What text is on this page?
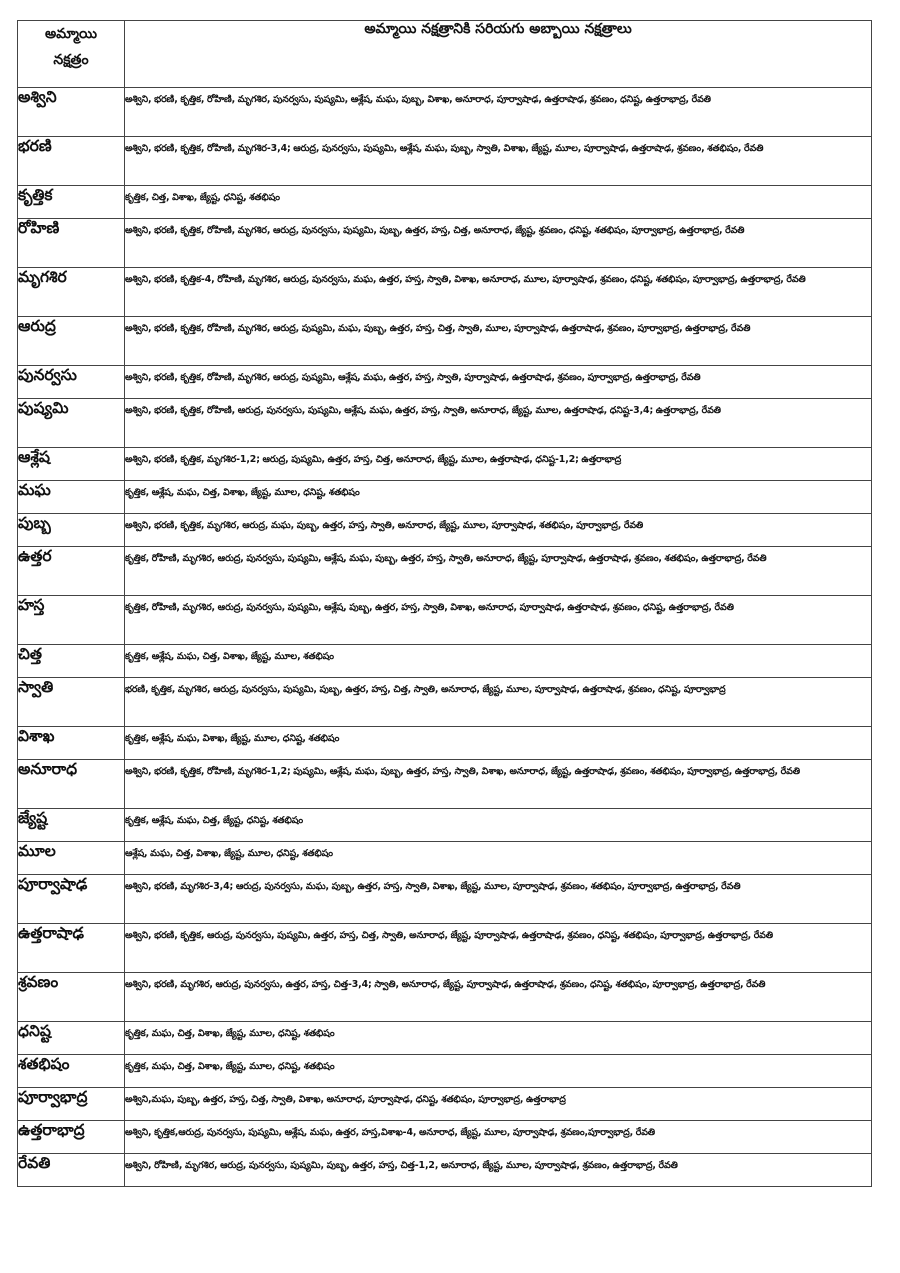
అమ్మాయి
నక్షత్రం	అమ్మాయి నక్షత్రానికి సరియగు అబ్బాయి నక్షత్రాలు
అశ్విని	అశ్విని, భరణి, కృత్తిక, రోహిణి, మృగశిర, పునర్వసు, పుష్యమి, ఆశ్లేష, మఘ, పుబ్బ, విశాఖ, అనూరాధ, పూర్వాషాఢ, ఉత్తరాషాఢ, శ్రవణం, ధనిష్ట, ఉత్తరాభాద్ర, రేవతి
భరణి	అశ్విని, భరణి, కృత్తిక, రోహిణి, మృగశిర-3,4; ఆరుద్ర, పునర్వసు, పుష్యమి, ఆశ్లేష, మఘ, పుబ్బ, స్వాతి, విశాఖ, జ్యేష్ట, మూల, పూర్వాషాఢ, ఉత్తరాషాఢ, శ్రవణం, శతభిషం, రేవతి
కృత్తిక	కృత్తిక, చిత్త, విశాఖ, జ్యేష్ట, ధనిష్ట, శతభిషం
రోహిణి	అశ్విని, భరణి, కృత్తిక, రోహిణి, మృగశిర, ఆరుద్ర, పునర్వసు, పుష్యమి, పుబ్బ, ఉత్తర, హస్త, చిత్త, అనూరాధ, జ్యేష్ట, శ్రవణం, ధనిష్ట, శతభిషం, పూర్వాభాద్ర, ఉత్తరాభాద్ర, రేవతి
మృగశిర	అశ్విని, భరణి, కృత్తిక-4, రోహిణి, మృగశిర, ఆరుద్ర, పునర్వసు, మఘ, ఉత్తర, హస్త, స్వాతి, విశాఖ, అనూరాధ, మూల, పూర్వాషాఢ, శ్రవణం, ధనిష్ట, శతభిషం, పూర్వాభాద్ర, ఉత్తరాభాద్ర, రేవతి
ఆరుద్ర	అశ్విని, భరణి, కృత్తిక, రోహిణి, మృగశిర, ఆరుద్ర, పుష్యమి, మఘ, పుబ్బ, ఉత్తర, హస్త, చిత్త, స్వాతి, మూల, పూర్వాషాఢ, ఉత్తరాషాఢ, శ్రవణం, పూర్వాభాద్ర, ఉత్తరాభాద్ర, రేవతి
పునర్వసు	అశ్విని, భరణి, కృత్తిక, రోహిణి, మృగశిర, ఆరుద్ర, పుష్యమి, ఆశ్లేష, మఘ, ఉత్తర, హస్త, స్వాతి, పూర్వాషాఢ, ఉత్తరాషాఢ, శ్రవణం, పూర్వాభాద్ర, ఉత్తరాభాద్ర, రేవతి
పుష్యమి	అశ్విని, భరణి, కృత్తిక, రోహిణి, ఆరుద్ర, పునర్వసు, పుష్యమి, ఆశ్లేష, మఘ, ఉత్తర, హస్త, స్వాతి, అనూరాధ, జ్యేష్ట, మూల, ఉత్తరాషాఢ, ధనిష్ట-3,4; ఉత్తరాభాద్ర, రేవతి
ఆశ్లేష	అశ్విని, భరణి, కృత్తిక, మృగశిర-1,2; ఆరుద్ర, పుష్యమి, ఉత్తర, హస్త, చిత్త, అనూరాధ, జ్యేష్ట, మూల, ఉత్తరాషాఢ, ధనిష్ట-1,2; ఉత్తరాభాద్ర
మఘ	కృత్తిక, ఆశ్లేష, మఘ, చిత్త, విశాఖ, జ్యేష్ట, మూల, ధనిష్ట, శతభిషం
పుబ్బ	అశ్విని, భరణి, కృత్తిక, మృగశిర, ఆరుద్ర, మఘ, పుబ్బ, ఉత్తర, హస్త, స్వాతి, అనూరాధ, జ్యేష్ట, మూల, పూర్వాషాఢ, శతభిషం, పూర్వాభాద్ర, రేవతి
ఉత్తర	కృత్తిక, రోహిణి, మృగశిర, ఆరుద్ర, పునర్వసు, పుష్యమి, ఆశ్లేష, మఘ, పుబ్బ, ఉత్తర, హస్త, స్వాతి, అనూరాధ, జ్యేష్ట, పూర్వాషాఢ, ఉత్తరాషాఢ, శ్రవణం, శతభిషం, ఉత్తరాభాద్ర, రేవతి
హస్త	కృత్తిక, రోహిణి, మృగశిర, ఆరుద్ర, పునర్వసు, పుష్యమి, ఆశ్లేష, పుబ్బ, ఉత్తర, హస్త, స్వాతి, విశాఖ, అనూరాధ, పూర్వాషాఢ, ఉత్తరాషాఢ, శ్రవణం, ధనిష్ట, ఉత్తరాభాద్ర, రేవతి
చిత్త	కృత్తిక, ఆశ్లేష, మఘ, చిత్త, విశాఖ, జ్యేష్ట, మూల, శతభిషం
స్వాతి	భరణి, కృత్తిక, మృగశిర, ఆరుద్ర, పునర్వసు, పుష్యమి, పుబ్బ, ఉత్తర, హస్త, చిత్త, స్వాతి, అనూరాధ, జ్యేష్ట, మూల, పూర్వాషాఢ, ఉత్తరాషాఢ, శ్రవణం, ధనిష్ట, పూర్వాభాద్ర
విశాఖ	కృత్తిక, ఆశ్లేష, మఘ, విశాఖ, జ్యేష్ట, మూల, ధనిష్ట, శతభిషం
అనూరాధ	అశ్విని, భరణి, కృత్తిక, రోహిణి, మృగశిర-1,2; పుష్యమి, ఆశ్లేష, మఘ, పుబ్బ, ఉత్తర, హస్త, స్వాతి, విశాఖ, అనూరాధ, జ్యేష్ట, ఉత్తరాషాఢ, శ్రవణం, శతభిషం, పూర్వాభాద్ర, ఉత్తరాభాద్ర, రేవతి
జ్యేష్ట	కృత్తిక, ఆశ్లేష, మఘ, చిత్త, జ్యేష్ట, ధనిష్ట, శతభిషం
మూల	ఆశ్లేష, మఘ, చిత్త, విశాఖ, జ్యేష్ట, మూల, ధనిష్ట, శతభిషం
పూర్వాషాఢ	అశ్విని, భరణి, మృగశిర-3,4; ఆరుద్ర, పునర్వసు, మఘ, పుబ్బ, ఉత్తర, హస్త, స్వాతి, విశాఖ, జ్యేష్ట, మూల, పూర్వాషాఢ, శ్రవణం, శతభిషం, పూర్వాభాద్ర, ఉత్తరాభాద్ర, రేవతి
ఉత్తరాషాఢ	అశ్విని, భరణి, కృత్తిక, ఆరుద్ర, పునర్వసు, పుష్యమి, ఉత్తర, హస్త, చిత్త, స్వాతి, అనూరాధ, జ్యేష్ట, పూర్వాషాఢ, ఉత్తరాషాఢ, శ్రవణం, ధనిష్ట, శతభిషం, పూర్వాభాద్ర, ఉత్తరాభాద్ర, రేవతి
శ్రవణం	అశ్విని, భరణి, మృగశిర, ఆరుద్ర, పునర్వసు, ఉత్తర, హస్త, చిత్త-3,4; స్వాతి, అనూరాధ, జ్యేష్ట, పూర్వాషాఢ, ఉత్తరాషాఢ, శ్రవణం, ధనిష్ట, శతభిషం, పూర్వాభాద్ర, ఉత్తరాభాద్ర, రేవతి
ధనిష్ట	కృత్తిక, మఘ, చిత్త, విశాఖ, జ్యేష్ట, మూల, ధనిష్ట, శతభిషం
శతభిషం	కృత్తిక, మఘ, చిత్త, విశాఖ, జ్యేష్ట, మూల, ధనిష్ట, శతభిషం
పూర్వాభాద్ర	అశ్విని,మఘ, పుబ్బ, ఉత్తర, హస్త, చిత్త, స్వాతి, విశాఖ, అనూరాధ, పూర్వాషాఢ, ధనిష్ట, శతభిషం, పూర్వాభాద్ర, ఉత్తరాభాద్ర
ఉత్తరాభాద్ర	అశ్విని, కృత్తిక,ఆరుద్ర, పునర్వసు, పుష్యమి, ఆశ్లేష, మఘ, ఉత్తర, హస్త,విశాఖ-4, అనూరాధ, జ్యేష్ట, మూల, పూర్వాషాఢ, శ్రవణం,పూర్వాభాద్ర, రేవతి
రేవతి	అశ్విని, రోహిణి, మృగశిర, ఆరుద్ర, పునర్వసు, పుష్యమి, పుబ్బ, ఉత్తర, హస్త, చిత్త-1,2, అనూరాధ, జ్యేష్ట, మూల, పూర్వాషాఢ, శ్రవణం, ఉత్తరాభాద్ర, రేవతి
